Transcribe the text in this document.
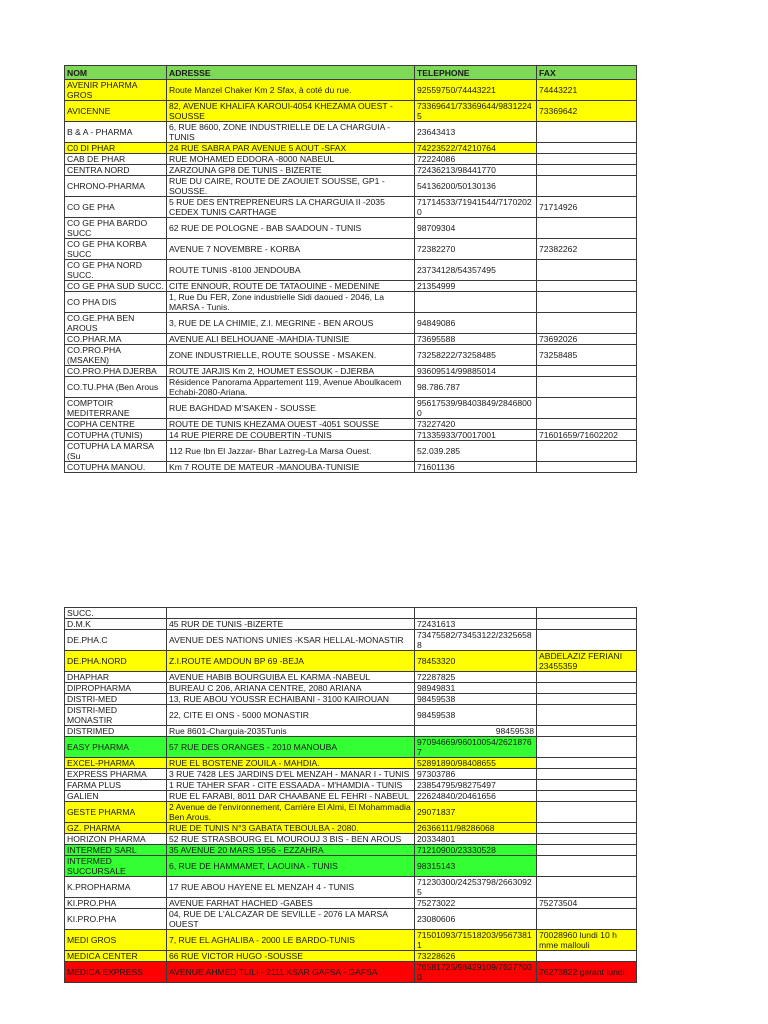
NOM	ADRESSE	TELEPHONE	FAX
AVENIR PHARMA GROS	Route Manzel Chaker Km 2 Sfax, à coté du rue.	92559750/74443221	74443221
AVICENNE	82, AVENUE KHALIFA KAROUI-4054 KHEZAMA OUEST - SOUSSE	73369641/73369644/98312245	73369642
B & A - PHARMA	6, RUE 8600, ZONE INDUSTRIELLE DE LA CHARGUIA - TUNIS	23643413	
C0 DI PHAR	24 RUE SABRA PAR AVENUE 5 AOUT -SFAX	74223522/74210764	
CAB DE PHAR	RUE MOHAMED EDDORA -8000 NABEUL	72224086	
CENTRA NORD	ZARZOUNA GP8 DE TUNIS - BIZERTE	72436213/98441770	
CHRONO-PHARMA	RUE DU CAIRE, ROUTE DE ZAOUIET SOUSSE, GP1 - SOUSSE.	54136200/50130136	
CO GE PHA	5 RUE DES ENTREPRENEURS LA CHARGUIA II -2035 CEDEX TUNIS CARTHAGE	71714533/71941544/71702020	71714926
CO GE PHA BARDO SUCC	62 RUE DE POLOGNE - BAB SAADOUN - TUNIS	98709304	
CO GE PHA KORBA SUCC	AVENUE 7 NOVEMBRE - KORBA	72382270	72382262
CO GE PHA NORD SUCC.	ROUTE TUNIS -8100 JENDOUBA	23734128/54357495	
CO GE PHA SUD SUCC.	CITE ENNOUR, ROUTE DE TATAOUINE - MEDENINE	21354999	
CO PHA DIS	1, Rue Du FER, Zone industrielle Sidi daoued - 2046, La MARSA - Tunis.		
CO.GE.PHA BEN AROUS	3, RUE DE LA CHIMIE, Z.I. MEGRINE - BEN AROUS	94849086	
CO.PHAR.MA	AVENUE ALI BELHOUANE -MAHDIA-TUNISIE	73695588	73692026
CO.PRO.PHA (MSAKEN)	ZONE INDUSTRIELLE, ROUTE SOUSSE - MSAKEN.	73258222/73258485	73258485
CO.PRO.PHA DJERBA	ROUTE JARJIS Km 2, HOUMET ESSOUK - DJERBA	93609514/99885014	
CO.TU.PHA (Ben Arous	Résidence Panorama Appartement 119, Avenue Aboulkacem Echabi-2080-Ariana.	98.786.787	
COMPTOIR MEDITERRANE	RUE BAGHDAD M'SAKEN - SOUSSE	95617539/98403849/28468000	
COPHA CENTRE	ROUTE DE TUNIS KHEZAMA OUEST -4051 SOUSSE	73227420	
COTUPHA (TUNIS)	14 RUE PIERRE DE COUBERTIN -TUNIS	71335933/70017001	71601659/71602202
COTUPHA LA MARSA (Su	112 Rue Ibn El Jazzar- Bhar Lazreg-La Marsa Ouest.	52.039.285	
COTUPHA MANOU.	Km 7 ROUTE DE MATEUR -MANOUBA-TUNISIE	71601136	
SUCC.			
D.M.K	45 RUR DE TUNIS -BIZERTE	72431613	
DE.PHA.C	AVENUE DES NATIONS UNIES -KSAR HELLAL-MONASTIR	73475582/73453122/23256588	
DE.PHA.NORD	Z.I.ROUTE AMDOUN BP 69 -BEJA	78453320	ABDELAZIZ FERIANI 23455359
DHAPHAR	AVENUE HABIB BOURGUIBA EL KARMA -NABEUL	72287825	
DIPROPHARMA	BUREAU C 206, ARIANA CENTRE, 2080 ARIANA	98949831	
DISTRI-MED	13, RUE ABOU YOUSSR ECHAIBANI - 3100 KAIROUAN	98459538	
DISTRI-MED MONASTIR	22, CITE EI ONS - 5000 MONASTIR	98459538	
DISTRIMED	Rue 8601-Charguia-2035Tunis	98459538	
EASY PHARMA	57 RUE DES ORANGES - 2010 MANOUBA	97094669/96010054/26218767	
EXCEL-PHARMA	RUE EL BOSTENE ZOUILA - MAHDIA.	52891890/98408655	
EXPRESS PHARMA	3 RUE 7428 LES JARDINS D'EL MENZAH - MANAR I - TUNIS	97303786	
FARMA PLUS	1 RUE TAHER SFAR - CITE ESSAADA - M'HAMDIA - TUNIS	23854795/98275497	
GALIEN	RUE EL FARABI, 8011 DAR CHAABANE EL FEHRI - NABEUL	22624840/20461656	
GESTE PHARMA	2 Avenue de l'environnement, Carrière El Almi, El Mohammadia Ben Arous.	29071837	
GZ. PHARMA	RUE DE TUNIS N°3 GABATA TEBOULBA - 2080.	26366111/98286068	
HORIZON PHARMA	52 RUE STRASBOURG EL MOUROUJ 3 BIS - BEN AROUS	20334801	
INTERMED SARL	35 AVENUE 20 MARS 1956 - EZZAHRA	71210900/23330528	
INTERMED SUCCURSALE	6, RUE DE HAMMAMET, LAOUINA - TUNIS	98315143	
K.PROPHARMA	17 RUE ABOU HAYENE EL MENZAH 4 - TUNIS	71230300/24253798/26630925	
KI.PRO.PHA	AVENUE FARHAT HACHED -GABES	75273022	75273504
KI.PRO.PHA	04, RUE DE L'ALCAZAR DE SEVILLE - 2076 LA MARSA OUEST	23080606	
MEDI GROS	7, RUE EL AGHALIBA - 2000 LE BARDO-TUNIS	71501093/71518203/95673811	70028960 lundi 10 h mme mallouli
MEDICA CENTER	66 RUE VICTOR HUGO -SOUSSE	73228626	
MEDICA EXPRESS	AVENUE AHMED TLILI - 2111 KSAR GAFSA - GAFSA	76581725/98429109/76277000	76273822 gerant lundi
